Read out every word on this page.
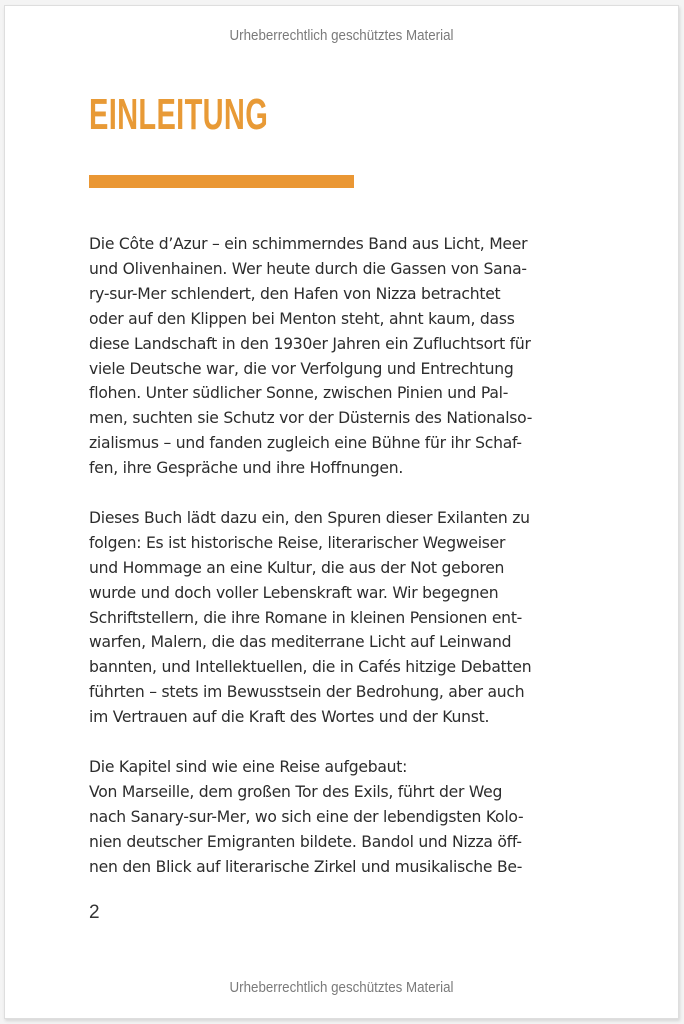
Urheberrechtlich geschütztes Material
EINLEITUNG

Die Côte d’Azur – ein schimmerndes Band aus Licht, Meer
und Olivenhainen. Wer heute durch die Gassen von Sana-
ry-sur-Mer schlendert, den Hafen von Nizza betrachtet
oder auf den Klippen bei Menton steht, ahnt kaum, dass
diese Landschaft in den 1930er Jahren ein Zufluchtsort für
viele Deutsche war, die vor Verfolgung und Entrechtung
flohen. Unter südlicher Sonne, zwischen Pinien und Pal-
men, suchten sie Schutz vor der Düsternis des Nationalso-
zialismus – und fanden zugleich eine Bühne für ihr Schaf-
fen, ihre Gespräche und ihre Hoffnungen.

Dieses Buch lädt dazu ein, den Spuren dieser Exilanten zu
folgen: Es ist historische Reise, literarischer Wegweiser
und Hommage an eine Kultur, die aus der Not geboren
wurde und doch voller Lebenskraft war. Wir begegnen
Schriftstellern, die ihre Romane in kleinen Pensionen ent-
warfen, Malern, die das mediterrane Licht auf Leinwand
bannten, und Intellektuellen, die in Cafés hitzige Debatten
führten – stets im Bewusstsein der Bedrohung, aber auch
im Vertrauen auf die Kraft des Wortes und der Kunst.

Die Kapitel sind wie eine Reise aufgebaut:
Von Marseille, dem großen Tor des Exils, führt der Weg
nach Sanary-sur-Mer, wo sich eine der lebendigsten Kolo-
nien deutscher Emigranten bildete. Bandol und Nizza öff-
nen den Blick auf literarische Zirkel und musikalische Be-

2
Urheberrechtlich geschütztes Material
